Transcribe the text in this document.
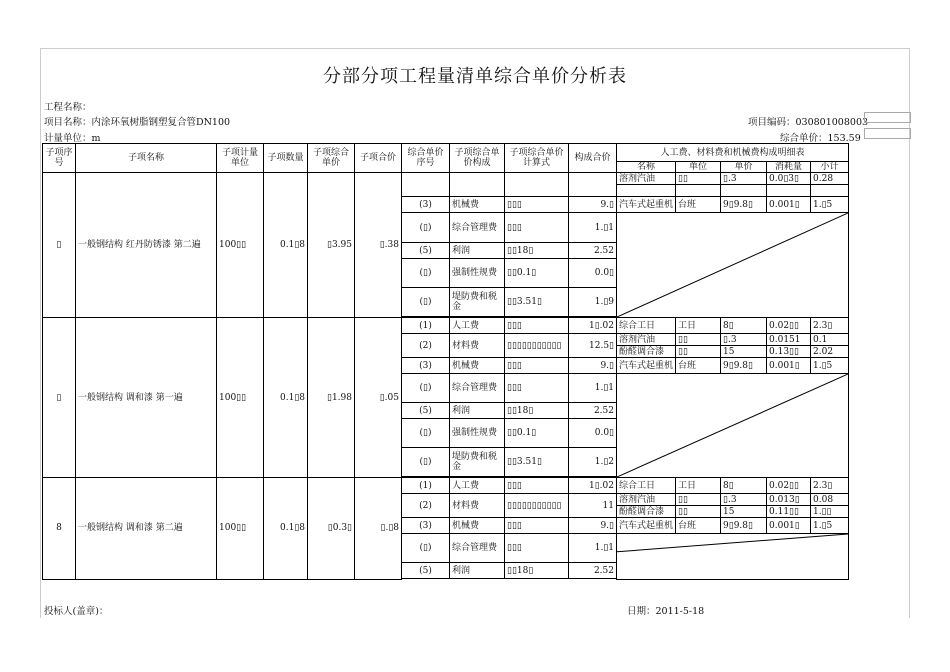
分部分项工程量清单综合单价分析表
工程名称：
项目名称：内涂环氧树脂钢塑复合管DN100	项目编码：030801008003
计量单位：m	综合单价：153.59
子项序号	子项名称	子项计量单位	子项数量	子项综合单价	子项合价	综合单价序号	子项综合单价构成	子项综合单价计算式	构成合价	人工费、材料费和机械费构成明细表				
										名称	单位	单价	消耗量	小计
▯	一般钢结构 红丹防锈漆 第二遍	100▯▯	0.1▯8	▯3.95	▯.38					溶剂汽油	▯▯	▯.3	0.0▯3▯	0.28

						(3)	机械费	▯▯▯	9.▯	汽车式起重机	台班	9▯9.8▯	0.001▯	1.▯5
						(▯)	综合管理费	▯▯▯	1.▯1	

						(5)	利润	▯▯18▯	2.52					
						(▯)	强制性规费	▯▯0.1▯	0.0▯					
						(▯)	堤防费和税金	▯▯3.51▯	1.▯9					

▯	一般钢结构 调和漆 第一遍	100▯▯	0.1▯8	▯1.98	▯.05	(1)	人工费	▯▯▯	1▯.02	综合工日	工日	8▯	0.02▯▯	2.3▯
						(2)	材料费	▯▯▯▯▯▯▯▯▯▯▯	12.5▯	溶剂汽油	▯▯	▯.3	0.0151	0.1
										酚醛调合漆	▯▯	15	0.13▯▯	2.02
						(3)	机械费	▯▯▯	9.▯	汽车式起重机	台班	9▯9.8▯	0.001▯	1.▯5
						(▯)	综合管理费	▯▯▯	1.▯1	

						(5)	利润	▯▯18▯	2.52					
						(▯)	强制性规费	▯▯0.1▯	0.0▯					
						(▯)	堤防费和税金	▯▯3.51▯	1.▯2					

8	一般钢结构 调和漆 第二遍	100▯▯	0.1▯8	▯0.3▯	▯.▯8	(1)	人工费	▯▯▯	1▯.02	综合工日	工日	8▯	0.02▯▯	2.3▯
						(2)	材料费	▯▯▯▯▯▯▯▯▯▯▯	11	溶剂汽油	▯▯	▯.3	0.013▯	0.08
										酚醛调合漆	▯▯	15	0.11▯▯	1.▯▯
						(3)	机械费	▯▯▯	9.▯	汽车式起重机	台班	9▯9.8▯	0.001▯	1.▯5
						(▯)	综合管理费	▯▯▯	1.▯1	

						(5)	利润	▯▯18▯	2.52					

投标人(盖章)：	日期：2011-5-18
